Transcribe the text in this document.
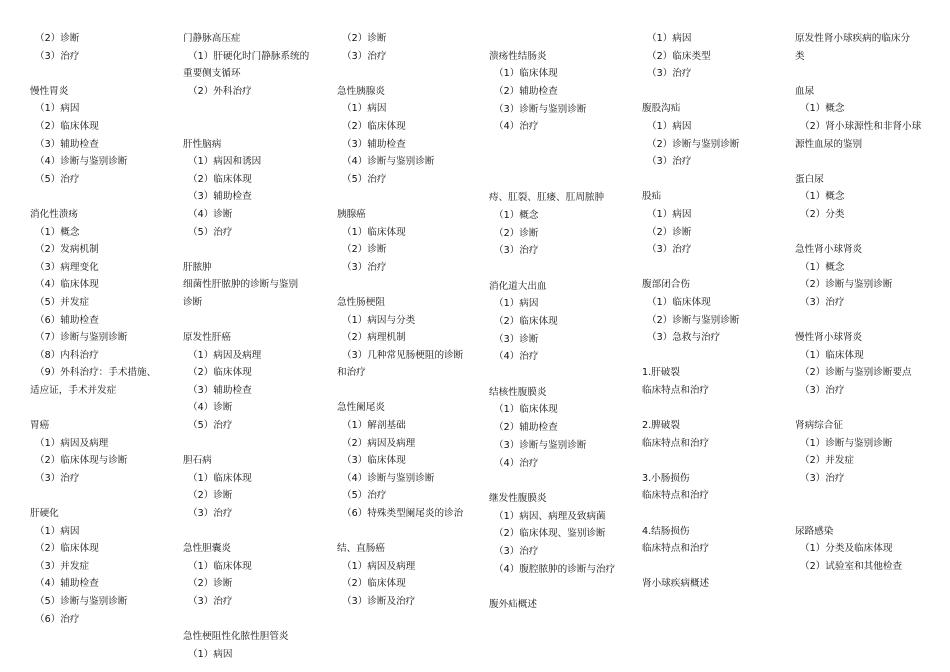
（2）诊断
（3）治疗
慢性胃炎
（1）病因
（2）临床体现
（3）辅助检查
（4）诊断与鉴别诊断
（5）治疗
消化性溃疡
（1）概念
（2）发病机制
（3）病理变化
（4）临床体现
（5）并发症
（6）辅助检查
（7）诊断与鉴别诊断
（8）内科治疗
（9）外科治疗：手术措施、
适应证，手术并发症
胃癌
（1）病因及病理
（2）临床体现与诊断
（3）治疗
肝硬化
（1）病因
（2）临床体现
（3）并发症
（4）辅助检查
（5）诊断与鉴别诊断
（6）治疗
门静脉高压症
（1）肝硬化时门静脉系统的
重要侧支循环
（2）外科治疗
肝性脑病
（1）病因和诱因
（2）临床体现
（3）辅助检查
（4）诊断
（5）治疗
肝脓肿
细菌性肝脓肿的诊断与鉴别
诊断
原发性肝癌
（1）病因及病理
（2）临床体现
（3）辅助检查
（4）诊断
（5）治疗
胆石病
（1）临床体现
（2）诊断
（3）治疗
急性胆囊炎
（1）临床体现
（2）诊断
（3）治疗
急性梗阻性化脓性胆管炎
（1）病因
（2）诊断
（3）治疗
急性胰腺炎
（1）病因
（2）临床体现
（3）辅助检查
（4）诊断与鉴别诊断
（5）治疗
胰腺癌
（1）临床体现
（2）诊断
（3）治疗
急性肠梗阻
（1）病因与分类
（2）病理机制
（3）几种常见肠梗阻的诊断
和治疗
急性阑尾炎
（1）解剖基础
（2）病因及病理
（3）临床体现
（4）诊断与鉴别诊断
（5）治疗
（6）特殊类型阑尾炎的诊治
结、直肠癌
（1）病因及病理
（2）临床体现
（3）诊断及治疗
溃疡性结肠炎
（1）临床体现
（2）辅助检查
（3）诊断与鉴别诊断
（4）治疗
痔、肛裂、肛瘘、肛周脓肿
（1）概念
（2）诊断
（3）治疗
消化道大出血
（1）病因
（2）临床体现
（3）诊断
（4）治疗
结核性腹膜炎
（1）临床体现
（2）辅助检查
（3）诊断与鉴别诊断
（4）治疗
继发性腹膜炎
（1）病因、病理及致病菌
（2）临床体现、鉴别诊断
（3）治疗
（4）腹腔脓肿的诊断与治疗
腹外疝概述
（1）病因
（2）临床类型
（3）治疗
腹股沟疝
（1）病因
（2）诊断与鉴别诊断
（3）治疗
股疝
（1）病因
（2）诊断
（3）治疗
腹部闭合伤
（1）临床体现
（2）诊断与鉴别诊断
（3）急救与治疗
1.肝破裂
临床特点和治疗
2.脾破裂
临床特点和治疗
3.小肠损伤
临床特点和治疗
4.结肠损伤
临床特点和治疗
肾小球疾病概述
原发性肾小球疾病的临床分
类
血尿
（1）概念
（2）肾小球源性和非肾小球
源性血尿的鉴别
蛋白尿
（1）概念
（2）分类
急性肾小球肾炎
（1）概念
（2）诊断与鉴别诊断
（3）治疗
慢性肾小球肾炎
（1）临床体现
（2）诊断与鉴别诊断要点
（3）治疗
肾病综合征
（1）诊断与鉴别诊断
（2）并发症
（3）治疗
尿路感染
（1）分类及临床体现
（2）试验室和其他检查
